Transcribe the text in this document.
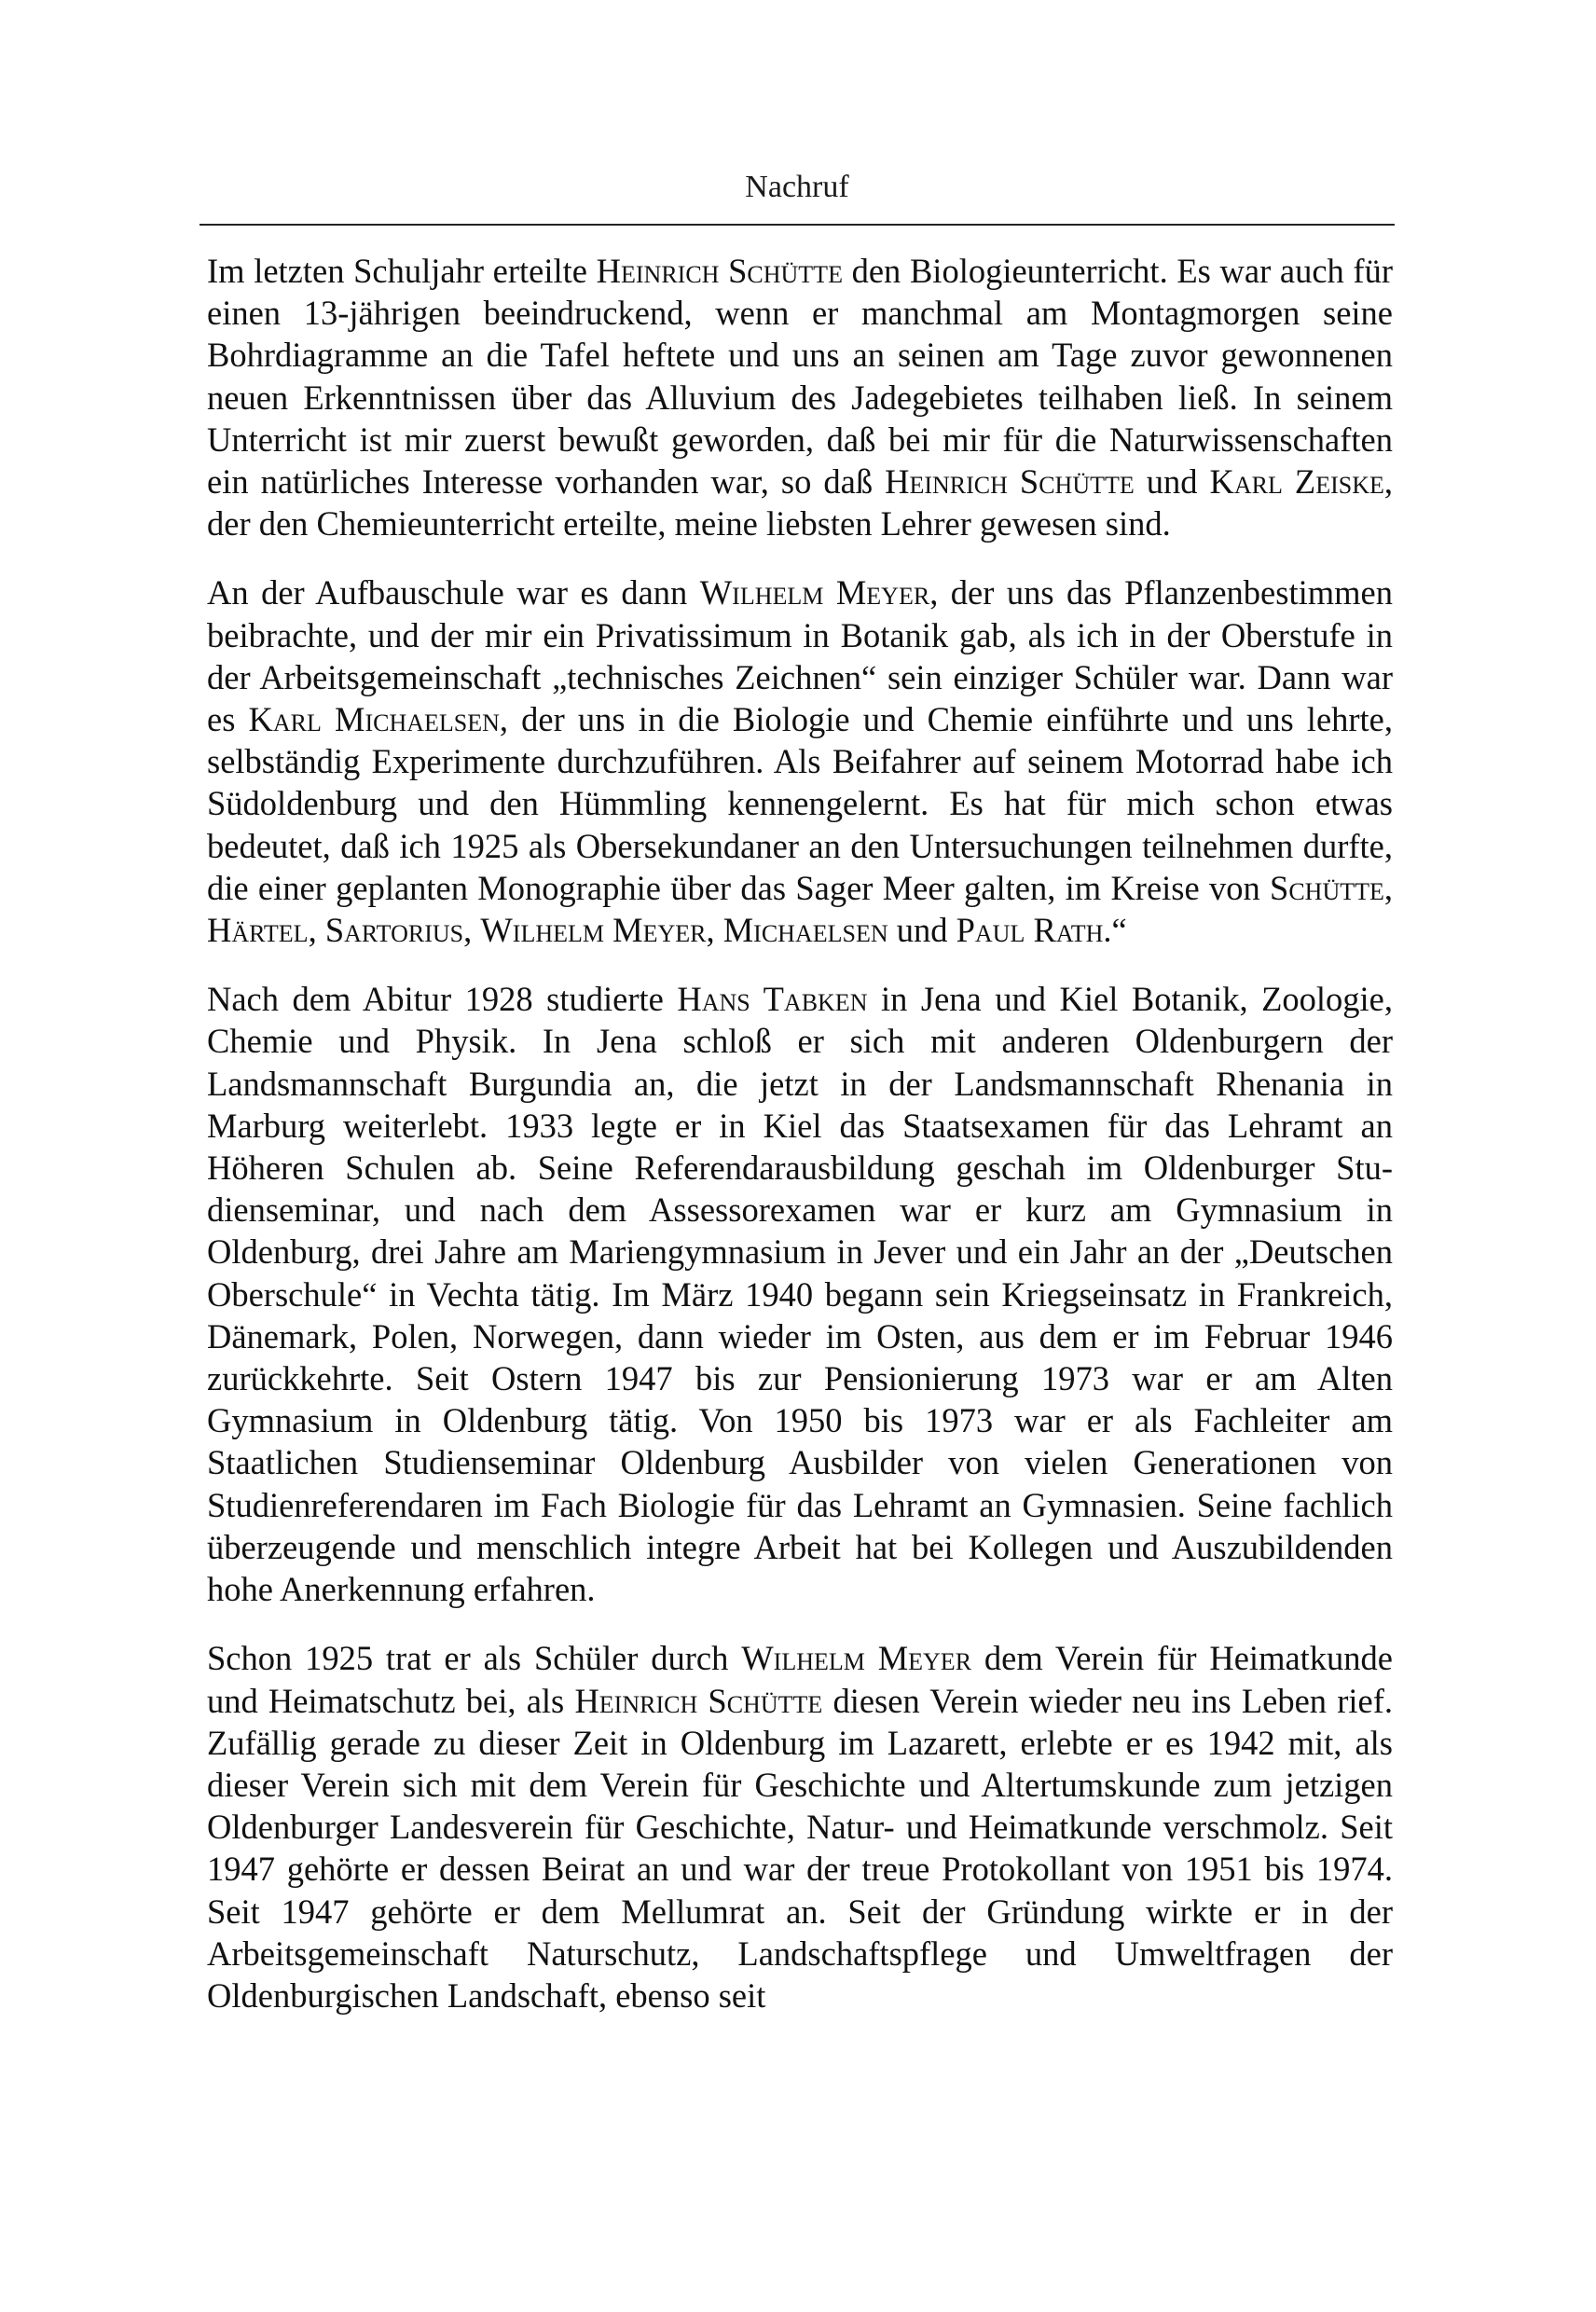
Nachruf

Im letzten Schuljahr erteilte Heinrich Schütte den Biologieunterricht. Es war auch für einen 13-jährigen beeindruckend, wenn er manchmal am Montagmorgen seine Bohrdiagramme an die Tafel heftete und uns an seinen am Tage zuvor gewonnenen neuen Erkenntnissen über das Alluvium des Jadegebietes teilhaben ließ. In seinem Unterricht ist mir zuerst bewußt geworden, daß bei mir für die Naturwissenschaften ein natürliches Interesse vorhanden war, so daß Heinrich Schütte und Karl Zeiske, der den Chemieunterricht erteilte, meine liebsten Lehrer gewesen sind.

An der Aufbauschule war es dann Wilhelm Meyer, der uns das Pflanzenbestimmen beibrachte, und der mir ein Privatissimum in Botanik gab, als ich in der Oberstufe in der Arbeitsgemeinschaft „technisches Zeichnen“ sein einziger Schüler war. Dann war es Karl Michaelsen, der uns in die Biologie und Chemie einführte und uns lehrte, selbständig Experimente durchzuführen. Als Beifahrer auf seinem Motorrad habe ich Südoldenburg und den Hümmling kennengelernt. Es hat für mich schon etwas bedeutet, daß ich 1925 als Obersekundaner an den Untersuchungen teilnehmen durfte, die einer geplanten Monographie über das Sager Meer galten, im Kreise von Schütte, Härtel, Sartorius, Wilhelm Meyer, Michaelsen und Paul Rath.“

Nach dem Abitur 1928 studierte Hans Tabken in Jena und Kiel Botanik, Zoologie, Chemie und Physik. In Jena schloß er sich mit anderen Oldenburgern der Landsmannschaft Burgundia an, die jetzt in der Landsmannschaft Rhenania in Marburg weiterlebt. 1933 legte er in Kiel das Staatsexamen für das Lehramt an Höheren Schulen ab. Seine Referendarausbildung geschah im Oldenburger Studienseminar, und nach dem Assessorexamen war er kurz am Gymnasium in Oldenburg, drei Jahre am Mariengymnasium in Jever und ein Jahr an der „Deutschen Oberschule“ in Vechta tätig. Im März 1940 begann sein Kriegseinsatz in Frankreich, Dänemark, Polen, Norwegen, dann wieder im Osten, aus dem er im Februar 1946 zurückkehrte. Seit Ostern 1947 bis zur Pensionierung 1973 war er am Alten Gymnasium in Oldenburg tätig. Von 1950 bis 1973 war er als Fachleiter am Staatlichen Studienseminar Oldenburg Ausbilder von vielen Generationen von Studienreferendaren im Fach Biologie für das Lehramt an Gymnasien. Seine fachlich überzeugende und menschlich integre Arbeit hat bei Kollegen und Auszubildenden hohe Anerkennung erfahren.

Schon 1925 trat er als Schüler durch Wilhelm Meyer dem Verein für Heimatkunde und Heimatschutz bei, als Heinrich Schütte diesen Verein wieder neu ins Leben rief. Zufällig gerade zu dieser Zeit in Oldenburg im Lazarett, erlebte er es 1942 mit, als dieser Verein sich mit dem Verein für Geschichte und Altertumskunde zum jetzigen Oldenburger Landesverein für Geschichte, Natur- und Heimatkunde verschmolz. Seit 1947 gehörte er dessen Beirat an und war der treue Protokollant von 1951 bis 1974. Seit 1947 gehörte er dem Mellumrat an. Seit der Gründung wirkte er in der Arbeitsgemeinschaft Naturschutz, Landschaftspflege und Umweltfragen der Oldenburgischen Landschaft, ebenso seit
